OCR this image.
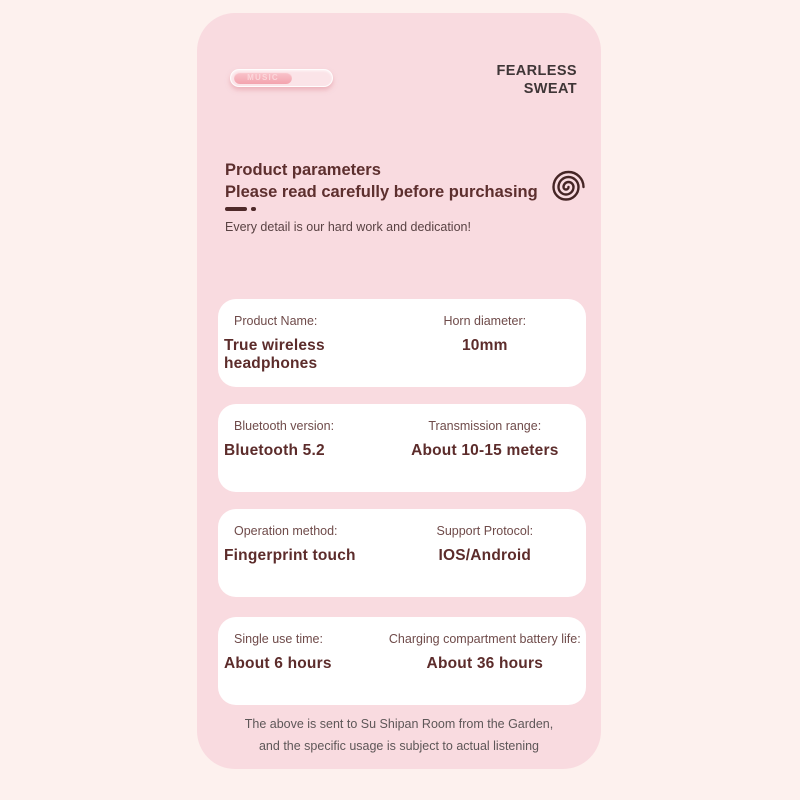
MUSIC	FEARLESS
SWEAT
Product parameters
Please read carefully before purchasing
Every detail is our hard work and dedication!
Product Name:
True wireless headphones
Horn diameter:
10mm
Bluetooth version:
Bluetooth 5.2
Transmission range:
About 10-15 meters
Operation method:
Fingerprint touch
Support Protocol:
IOS/Android
Single use time:
About 6 hours
Charging compartment battery life:
About 36 hours
The above is sent to Su Shipan Room from the Garden,
and the specific usage is subject to actual listening
